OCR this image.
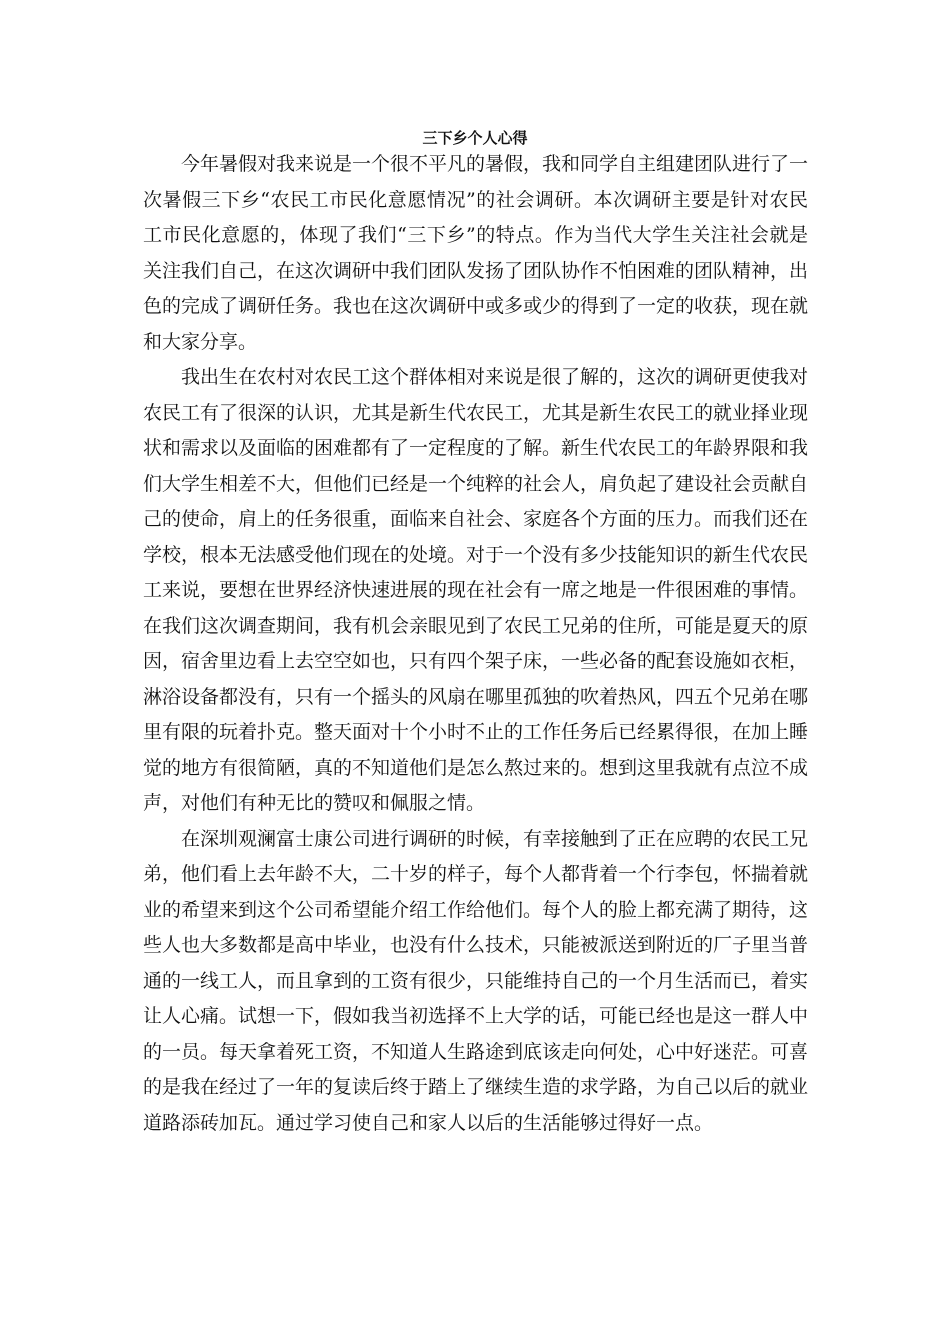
三下乡个人心得

今年暑假对我来说是一个很不平凡的暑假，我和同学自主组建团队进行了一次暑假三下乡“农民工市民化意愿情况”的社会调研。本次调研主要是针对农民工市民化意愿的，体现了我们“三下乡”的特点。作为当代大学生关注社会就是关注我们自己，在这次调研中我们团队发扬了团队协作不怕困难的团队精神，出色的完成了调研任务。我也在这次调研中或多或少的得到了一定的收获，现在就和大家分享。

我出生在农村对农民工这个群体相对来说是很了解的，这次的调研更使我对农民工有了很深的认识，尤其是新生代农民工，尤其是新生农民工的就业择业现状和需求以及面临的困难都有了一定程度的了解。新生代农民工的年龄界限和我们大学生相差不大，但他们已经是一个纯粹的社会人，肩负起了建设社会贡献自己的使命，肩上的任务很重，面临来自社会、家庭各个方面的压力。而我们还在学校，根本无法感受他们现在的处境。对于一个没有多少技能知识的新生代农民工来说，要想在世界经济快速进展的现在社会有一席之地是一件很困难的事情。 在我们这次调查期间，我有机会亲眼见到了农民工兄弟的住所，可能是夏天的原因，宿舍里边看上去空空如也，只有四个架子床，一些必备的配套设施如衣柜，淋浴设备都没有，只有一个摇头的风扇在哪里孤独的吹着热风，四五个兄弟在哪里有限的玩着扑克。整天面对十个小时不止的工作任务后已经累得很，在加上睡觉的地方有很简陋，真的不知道他们是怎么熬过来的。想到这里我就有点泣不成声，对他们有种无比的赞叹和佩服之情。

在深圳观澜富士康公司进行调研的时候，有幸接触到了正在应聘的农民工兄弟，他们看上去年龄不大，二十岁的样子，每个人都背着一个行李包，怀揣着就业的希望来到这个公司希望能介绍工作给他们。每个人的脸上都充满了期待，这些人也大多数都是高中毕业，也没有什么技术，只能被派送到附近的厂子里当普通的一线工人，而且拿到的工资有很少，只能维持自己的一个月生活而已，着实让人心痛。试想一下，假如我当初选择不上大学的话，可能已经也是这一群人中的一员。每天拿着死工资，不知道人生路途到底该走向何处，心中好迷茫。可喜的是我在经过了一年的复读后终于踏上了继续生造的求学路，为自己以后的就业道路添砖加瓦。通过学习使自己和家人以后的生活能够过得好一点。
